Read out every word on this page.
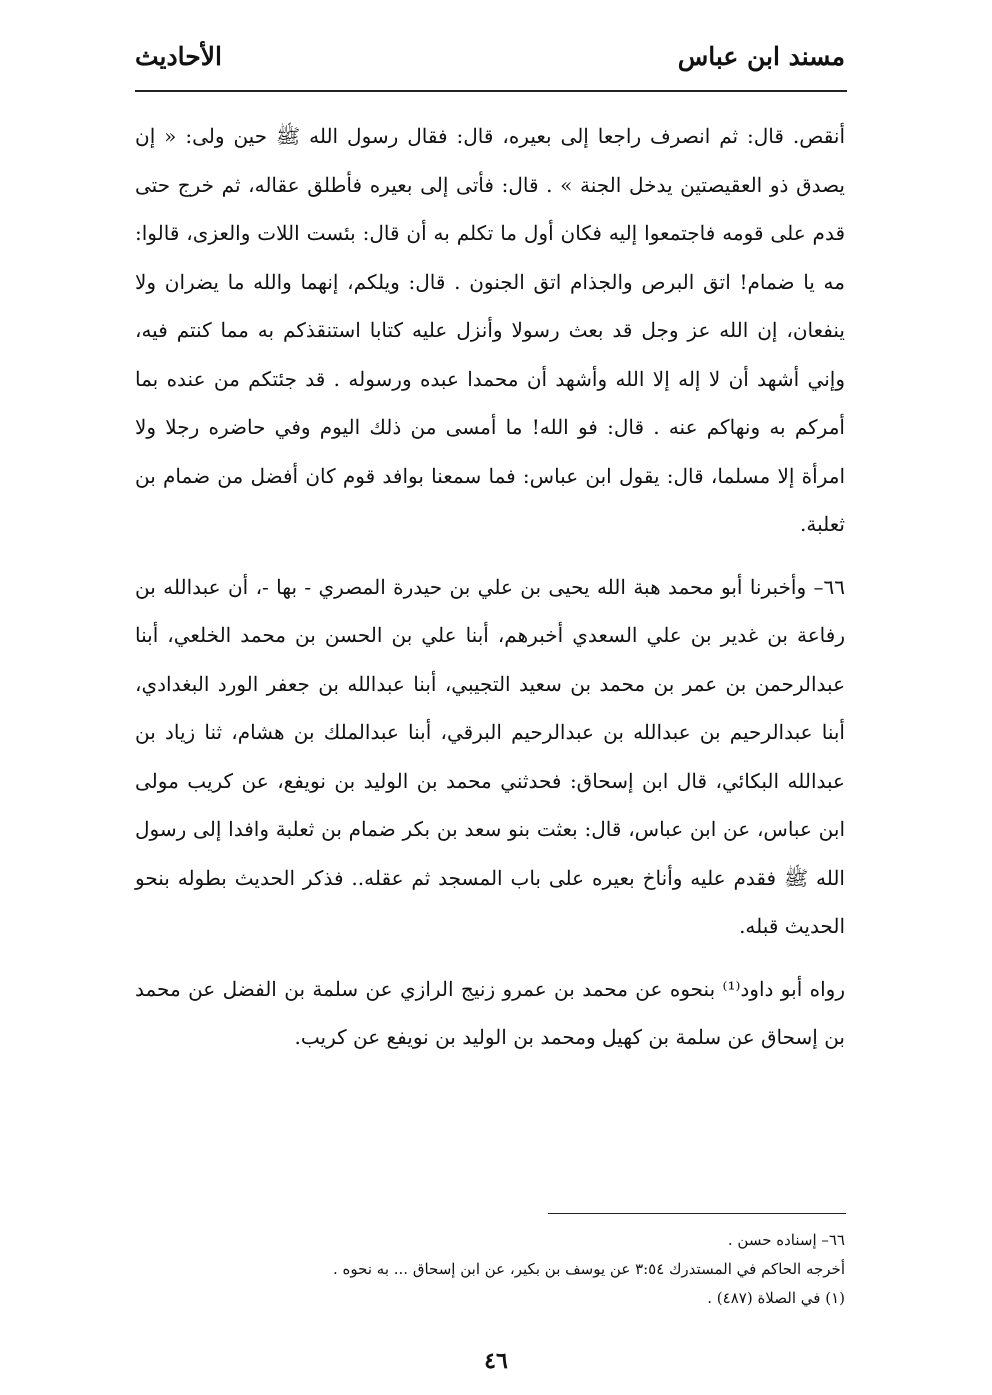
مسند ابن عباس
الأحاديث

أنقص. قال: ثم انصرف راجعا إلى بعيره، قال: فقال رسول الله ﷺ حين ولى: « إن يصدق ذو العقيصتين يدخل الجنة » . قال: فأتى إلى بعيره فأطلق عقاله، ثم خرج حتى قدم على قومه فاجتمعوا إليه فكان أول ما تكلم به أن قال: بئست اللات والعزى، قالوا: مه يا ضمام! اتق البرص والجذام اتق الجنون . قال: ويلكم، إنهما والله ما يضران ولا ينفعان، إن الله عز وجل قد بعث رسولا وأنزل عليه كتابا استنقذكم به مما كنتم فيه، وإني أشهد أن لا إله إلا الله وأشهد أن محمدا عبده ورسوله . قد جئتكم من عنده بما أمركم به ونهاكم عنه . قال: فو الله! ما أمسى من ذلك اليوم وفي حاضره رجلا ولا امرأة إلا مسلما، قال: يقول ابن عباس: فما سمعنا بوافد قوم كان أفضل من ضمام بن ثعلبة.

٦٦– وأخبرنا أبو محمد هبة الله يحيى بن علي بن حيدرة المصري - بها -، أن عبدالله بن رفاعة بن غدير بن علي السعدي أخبرهم، أبنا علي بن الحسن بن محمد الخلعي، أبنا عبدالرحمن بن عمر بن محمد بن سعيد التجيبي، أبنا عبدالله بن جعفر الورد البغدادي، أبنا عبدالرحيم بن عبدالله بن عبدالرحيم البرقي، أبنا عبدالملك بن هشام، ثنا زياد بن عبدالله البكائي، قال ابن إسحاق: فحدثني محمد بن الوليد بن نويفع، عن كريب مولى ابن عباس، عن ابن عباس، قال: بعثت بنو سعد بن بكر ضمام بن ثعلبة وافدا إلى رسول الله ﷺ فقدم عليه وأناخ بعيره على باب المسجد ثم عقله.. فذكر الحديث بطوله بنحو الحديث قبله.

رواه أبو داود⁽¹⁾ بنحوه عن محمد بن عمرو زنيج الرازي عن سلمة بن الفضل عن محمد بن إسحاق عن سلمة بن كهيل ومحمد بن الوليد بن نويفع عن كريب.

٦٦– إسناده حسن .
أخرجه الحاكم في المستدرك ٣:٥٤ عن يوسف بن بكير، عن ابن إسحاق ... به نحوه .
(١) في الصلاة (٤٨٧) .
٤٦
